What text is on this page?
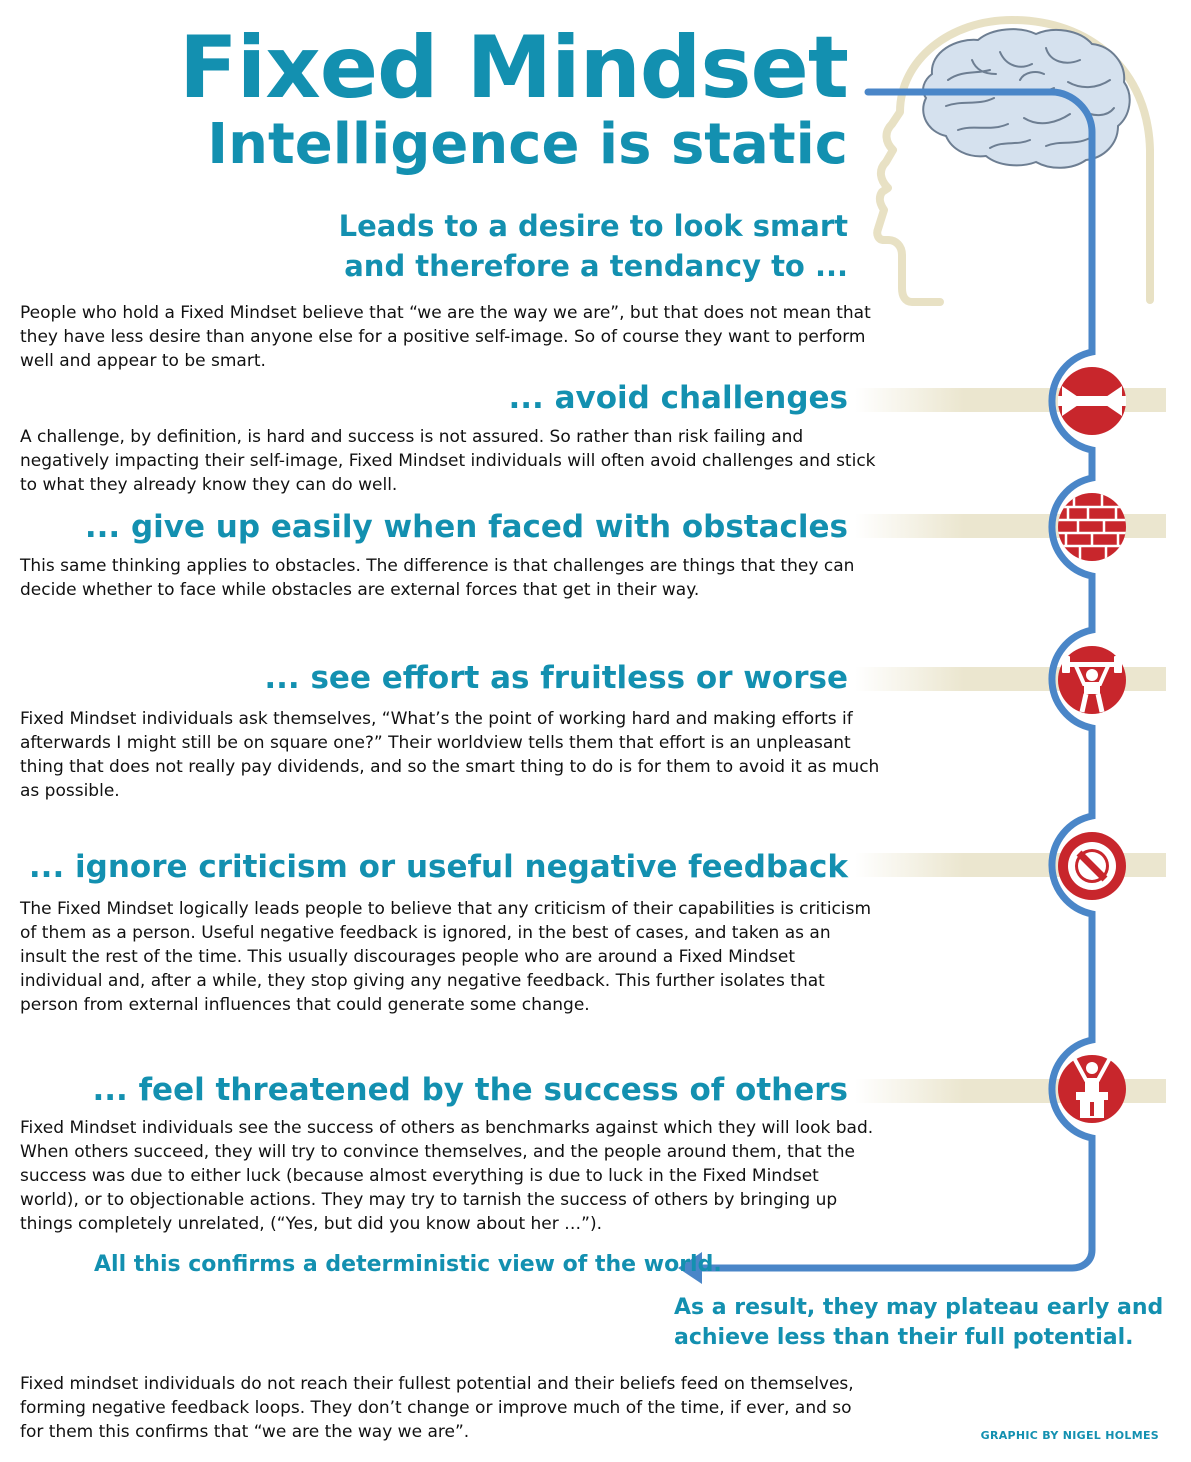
Fixed Mindset
Intelligence is static
Leads to a desire to look smart
and therefore a tendancy to ...
People who hold a Fixed Mindset believe that “we are the way we are”, but that does not mean that they have less desire than anyone else for a positive self-image. So of course they want to perform well and appear to be smart.
... avoid challenges
A challenge, by definition, is hard and success is not assured. So rather than risk failing and negatively impacting their self-image, Fixed Mindset individuals will often avoid challenges and stick to what they already know they can do well.
... give up easily when faced with obstacles
This same thinking applies to obstacles. The difference is that challenges are things that they can decide whether to face while obstacles are external forces that get in their way.
... see effort as fruitless or worse
Fixed Mindset individuals ask themselves, “What’s the point of working hard and making efforts if afterwards I might still be on square one?” Their worldview tells them that effort is an unpleasant thing that does not really pay dividends, and so the smart thing to do is for them to avoid it as much as possible.
... ignore criticism or useful negative feedback
The Fixed Mindset logically leads people to believe that any criticism of their capabilities is criticism of them as a person. Useful negative feedback is ignored, in the best of cases, and taken as an insult the rest of the time. This usually discourages people who are around a Fixed Mindset individual and, after a while, they stop giving any negative feedback. This further isolates that person from external influences that could generate some change.
... feel threatened by the success of others
Fixed Mindset individuals see the success of others as benchmarks against which they will look bad. When others succeed, they will try to convince themselves, and the people around them, that the success was due to either luck (because almost everything is due to luck in the Fixed Mindset world), or to objectionable actions. They may try to tarnish the success of others by bringing up things completely unrelated, (“Yes, but did you know about her …”).
All this confirms a deterministic view of the world.
As a result, they may plateau early and
achieve less than their full potential.
Fixed mindset individuals do not reach their fullest potential and their beliefs feed on themselves, forming negative feedback loops. They don’t change or improve much of the time, if ever, and so for them this confirms that “we are the way we are”.	GRAPHIC BY NIGEL HOLMES
